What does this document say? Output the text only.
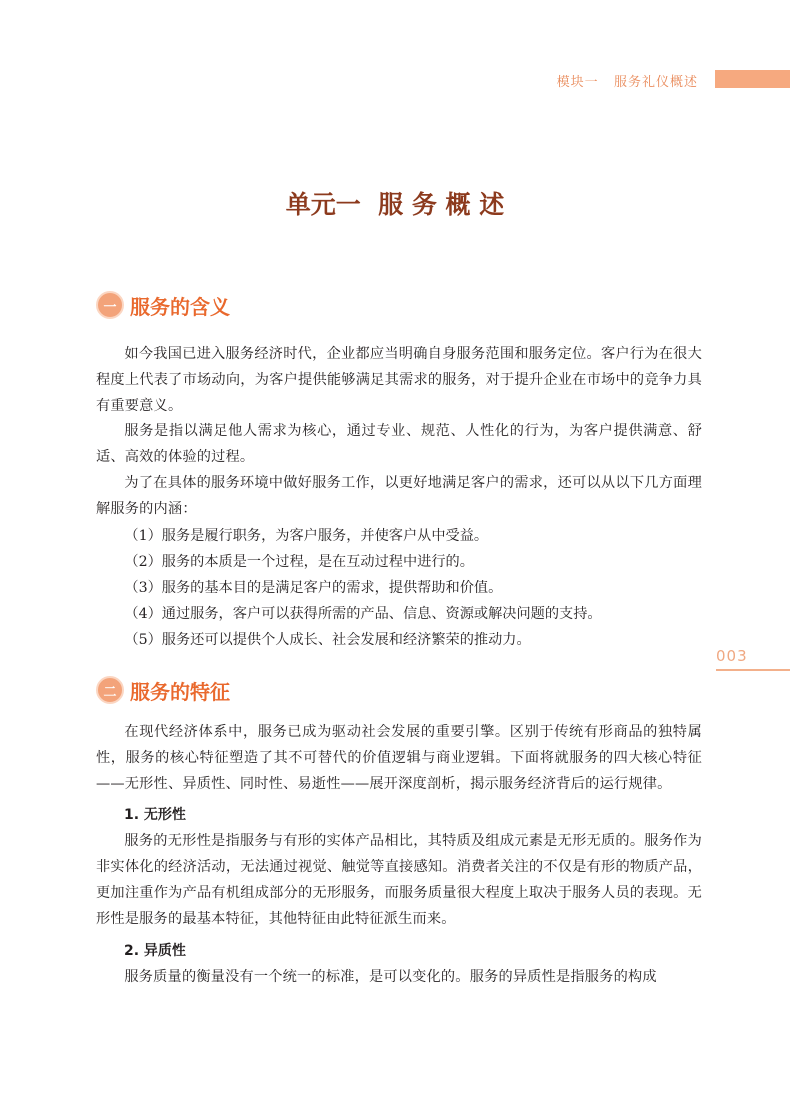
模块一 服务礼仪概述
单元一  服 务 概 述
一 服务的含义

如今我国已进入服务经济时代，企业都应当明确自身服务范围和服务定位。客户行为在很大程度上代表了市场动向，为客户提供能够满足其需求的服务，对于提升企业在市场中的竞争力具有重要意义。

服务是指以满足他人需求为核心，通过专业、规范、人性化的行为，为客户提供满意、舒适、高效的体验的过程。

为了在具体的服务环境中做好服务工作，以更好地满足客户的需求，还可以从以下几方面理解服务的内涵：

（1）服务是履行职务，为客户服务，并使客户从中受益。

（2）服务的本质是一个过程，是在互动过程中进行的。

（3）服务的基本目的是满足客户的需求，提供帮助和价值。

（4）通过服务，客户可以获得所需的产品、信息、资源或解决问题的支持。

（5）服务还可以提供个人成长、社会发展和经济繁荣的推动力。

003
二 服务的特征

在现代经济体系中，服务已成为驱动社会发展的重要引擎。区别于传统有形商品的独特属性，服务的核心特征塑造了其不可替代的价值逻辑与商业逻辑。下面将就服务的四大核心特征——无形性、异质性、同时性、易逝性——展开深度剖析，揭示服务经济背后的运行规律。

1. 无形性

服务的无形性是指服务与有形的实体产品相比，其特质及组成元素是无形无质的。服务作为非实体化的经济活动，无法通过视觉、触觉等直接感知。消费者关注的不仅是有形的物质产品，更加注重作为产品有机组成部分的无形服务，而服务质量很大程度上取决于服务人员的表现。无形性是服务的最基本特征，其他特征由此特征派生而来。

2. 异质性

服务质量的衡量没有一个统一的标准，是可以变化的。服务的异质性是指服务的构成
